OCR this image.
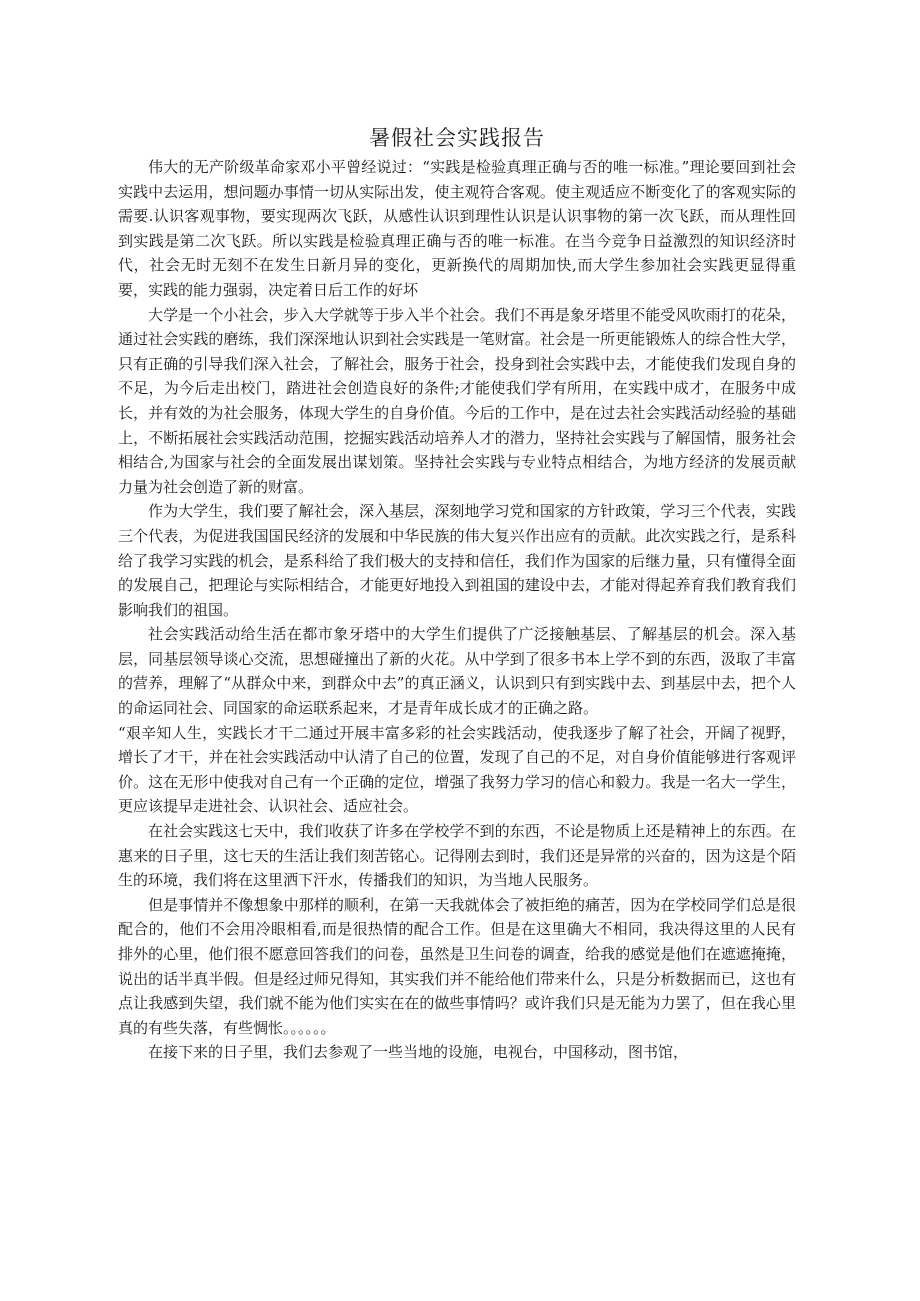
暑假社会实践报告

伟大的无产阶级革命家邓小平曾经说过：“实践是检验真理正确与否的唯一标准。”理论要回到社会实践中去运用，想问题办事情一切从实际出发，使主观符合客观。使主观适应不断变化了的客观实际的需要.认识客观事物，要实现两次飞跃，从感性认识到理性认识是认识事物的第一次飞跃，而从理性回到实践是第二次飞跃。所以实践是检验真理正确与否的唯一标准。在当今竞争日益激烈的知识经济时代，社会无时无刻不在发生日新月异的变化，更新换代的周期加快,而大学生参加社会实践更显得重要，实践的能力强弱，决定着日后工作的好坏

大学是一个小社会，步入大学就等于步入半个社会。我们不再是象牙塔里不能受风吹雨打的花朵，通过社会实践的磨练，我们深深地认识到社会实践是一笔财富。社会是一所更能锻炼人的综合性大学，只有正确的引导我们深入社会，了解社会，服务于社会，投身到社会实践中去，才能使我们发现自身的不足，为今后走出校门，踏进社会创造良好的条件;才能使我们学有所用，在实践中成才，在服务中成长，并有效的为社会服务，体现大学生的自身价值。今后的工作中，是在过去社会实践活动经验的基础上，不断拓展社会实践活动范围，挖掘实践活动培养人才的潜力，坚持社会实践与了解国情，服务社会相结合,为国家与社会的全面发展出谋划策。坚持社会实践与专业特点相结合，为地方经济的发展贡献力量为社会创造了新的财富。

作为大学生，我们要了解社会，深入基层，深刻地学习党和国家的方针政策，学习三个代表，实践三个代表，为促进我国国民经济的发展和中华民族的伟大复兴作出应有的贡献。此次实践之行，是系科给了我学习实践的机会，是系科给了我们极大的支持和信任，我们作为国家的后继力量，只有懂得全面的发展自己，把理论与实际相结合，才能更好地投入到祖国的建设中去，才能对得起养育我们教育我们影响我们的祖国。

社会实践活动给生活在都市象牙塔中的大学生们提供了广泛接触基层、了解基层的机会。深入基层，同基层领导谈心交流，思想碰撞出了新的火花。从中学到了很多书本上学不到的东西，汲取了丰富的营养，理解了“从群众中来，到群众中去”的真正涵义，认识到只有到实践中去、到基层中去，把个人的命运同社会、同国家的命运联系起来，才是青年成长成才的正确之路。

“艰辛知人生，实践长才干二通过开展丰富多彩的社会实践活动，使我逐步了解了社会，开阔了视野，增长了才干，并在社会实践活动中认清了自己的位置，发现了自己的不足，对自身价值能够进行客观评价。这在无形中使我对自己有一个正确的定位，增强了我努力学习的信心和毅力。我是一名大一学生，更应该提早走进社会、认识社会、适应社会。

在社会实践这七天中，我们收获了许多在学校学不到的东西，不论是物质上还是精神上的东西。在惠来的日子里，这七天的生活让我们刻苦铭心。记得刚去到时，我们还是异常的兴奋的，因为这是个陌生的环境，我们将在这里洒下汗水，传播我们的知识，为当地人民服务。

但是事情并不像想象中那样的顺利，在第一天我就体会了被拒绝的痛苦，因为在学校同学们总是很配合的，他们不会用冷眼相看,而是很热情的配合工作。但是在这里确大不相同，我决得这里的人民有排外的心里，他们很不愿意回答我们的问卷，虽然是卫生问卷的调查，给我的感觉是他们在遮遮掩掩，说出的话半真半假。但是经过师兄得知，其实我们并不能给他们带来什么，只是分析数据而已，这也有点让我感到失望，我们就不能为他们实实在在的做些事情吗？或许我们只是无能为力罢了，但在我心里真的有些失落，有些惆怅。。。。。。

在接下来的日子里，我们去参观了一些当地的设施，电视台，中国移动，图书馆，
